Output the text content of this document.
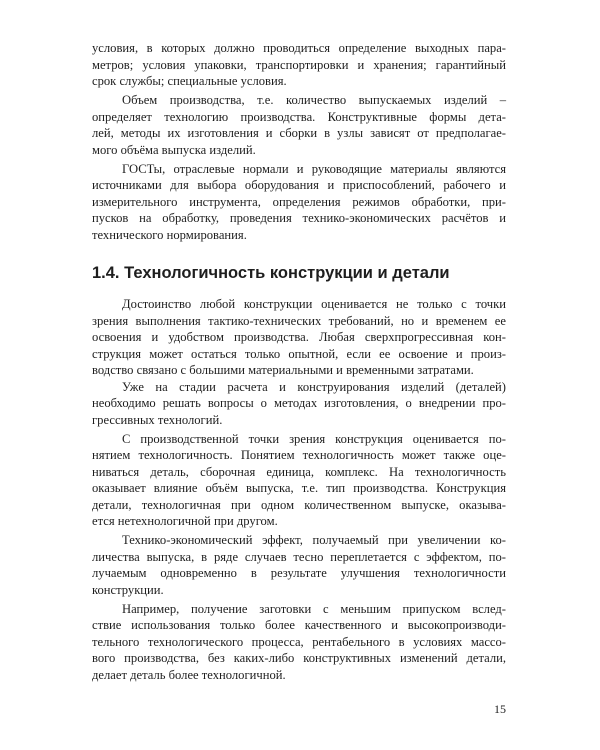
условия, в которых должно проводиться определение выходных пара-
метров; условия упаковки, транспортировки и хранения; гарантийный
срок службы; специальные условия.

Объем производства, т.е. количество выпускаемых изделий –
определяет технологию производства. Конструктивные формы дета-
лей, методы их изготовления и сборки в узлы зависят от предполагае-
мого объёма выпуска изделий.

ГОСТы, отраслевые нормали и руководящие материалы являются
источниками для выбора оборудования и приспособлений, рабочего и
измерительного инструмента, определения режимов обработки, при-
пусков на обработку, проведения технико-экономических расчётов и
технического нормирования.

1.4. Технологичность конструкции и детали

Достоинство любой конструкции оценивается не только с точки
зрения выполнения тактико-технических требований, но и временем ее
освоения и удобством производства. Любая сверхпрогрессивная кон-
струкция может остаться только опытной, если ее освоение и произ-
водство связано с большими материальными и временными затратами.

Уже на стадии расчета и конструирования изделий (деталей)
необходимо решать вопросы о методах изготовления, о внедрении про-
грессивных технологий.

С производственной точки зрения конструкция оценивается по-
нятием технологичность. Понятием технологичность может также оце-
ниваться деталь, сборочная единица, комплекс. На технологичность
оказывает влияние объём выпуска, т.е. тип производства. Конструкция
детали, технологичная при одном количественном выпуске, оказыва-
ется нетехнологичной при другом.

Технико-экономический эффект, получаемый при увеличении ко-
личества выпуска, в ряде случаев тесно переплетается с эффектом, по-
лучаемым одновременно в результате улучшения технологичности
конструкции.

Например, получение заготовки с меньшим припуском вслед-
ствие использования только более качественного и высокопроизводи-
тельного технологического процесса, рентабельного в условиях массо-
вого производства, без каких-либо конструктивных изменений детали,
делает деталь более технологичной.

15
